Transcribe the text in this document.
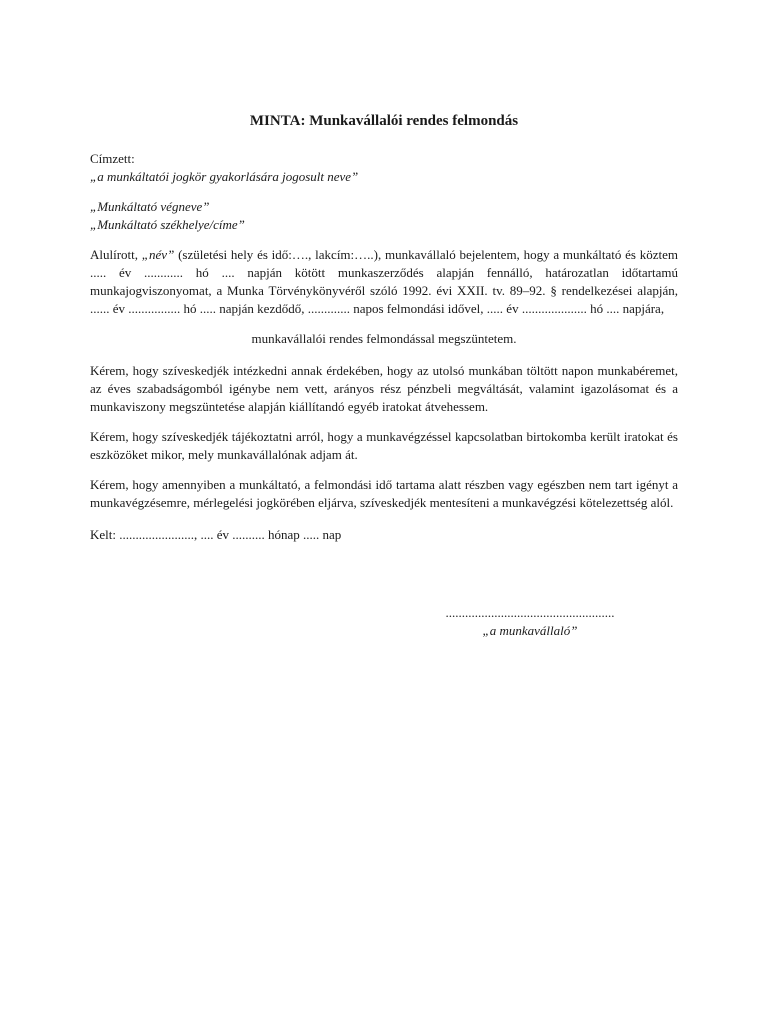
MINTA: Munkavállalói rendes felmondás
Címzett:
„a munkáltatói jogkör gyakorlására jogosult neve”
„Munkáltató végneve”
„Munkáltató székhelye/címe”
Alulírott, „név” (születési hely és idő:…., lakcím:…..), munkavállaló bejelentem, hogy a munkáltató és köztem ..... év ............ hó .... napján kötött munkaszerződés alapján fennálló, határozatlan időtartamú munkajogviszonyomat, a Munka Törvénykönyvéről szóló 1992. évi XXII. tv. 89–92. § rendelkezései alapján, ...... év ................ hó ..... napján kezdődő, ............. napos felmondási idővel, ..... év .................... hó .... napjára,
munkavállalói rendes felmondással megszüntetem.
Kérem, hogy szíveskedjék intézkedni annak érdekében, hogy az utolsó munkában töltött napon munkabéremet, az éves szabadságomból igénybe nem vett, arányos rész pénzbeli megváltását, valamint igazolásomat és a munkaviszony megszüntetése alapján kiállítandó egyéb iratokat átvehessem.
Kérem, hogy szíveskedjék tájékoztatni arról, hogy a munkavégzéssel kapcsolatban birtokomba került iratokat és eszközöket mikor, mely munkavállalónak adjam át.
Kérem, hogy amennyiben a munkáltató, a felmondási idő tartama alatt részben vagy egészben nem tart igényt a munkavégzésemre, mérlegelési jogkörében eljárva, szíveskedjék mentesíteni a munkavégzési kötelezettség alól.
Kelt: ......................., .... év .......... hónap ..... nap
....................................................
„a munkavállaló”
